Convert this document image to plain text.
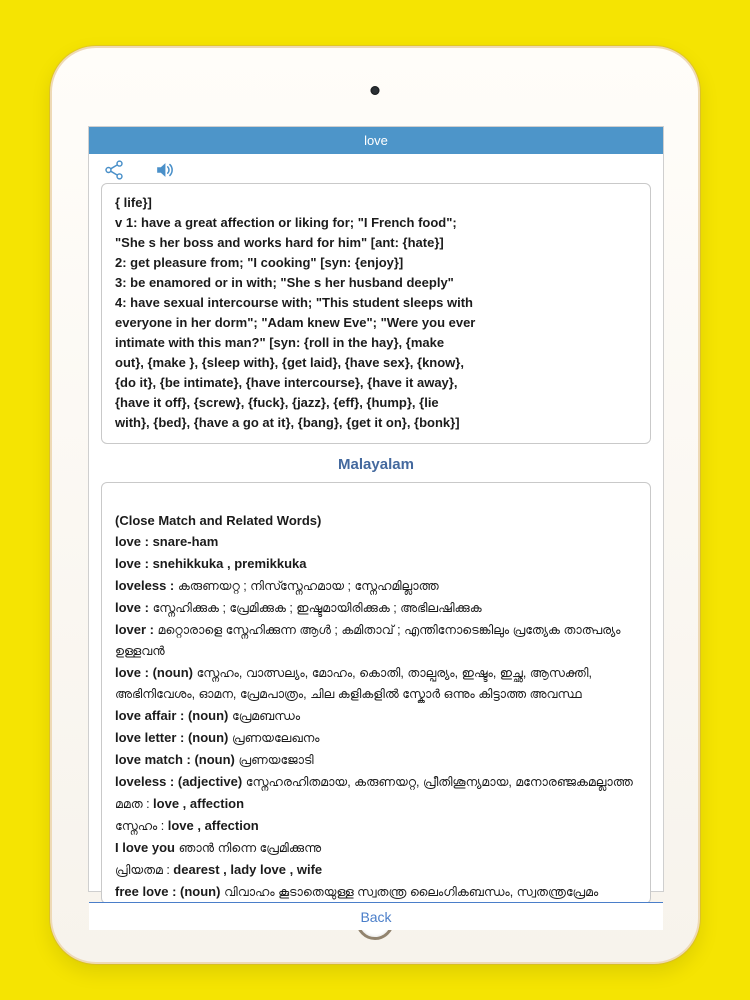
love
{ life}]
v 1: have a great affection or liking for; "I French food";
"She s her boss and works hard for him" [ant: {hate}]
2: get pleasure from; "I cooking" [syn: {enjoy}]
3: be enamored or in with; "She s her husband deeply"
4: have sexual intercourse with; "This student sleeps with
everyone in her dorm"; "Adam knew Eve"; "Were you ever
intimate with this man?" [syn: {roll in the hay}, {make
out}, {make }, {sleep with}, {get laid}, {have sex}, {know},
{do it}, {be intimate}, {have intercourse}, {have it away},
{have it off}, {screw}, {fuck}, {jazz}, {eff}, {hump}, {lie
with}, {bed}, {have a go at it}, {bang}, {get it on}, {bonk}]
Malayalam
(Close Match and Related Words)
love : snare-ham
love : snehikkuka , premikkuka
loveless : കരുണയറ്റ ; നിസ്സ്നേഹമായ ; സ്നേഹമില്ലാത്ത
love : സ്നേഹിക്കുക ; പ്രേമിക്കുക ; ഇഷ്ടമായിരിക്കുക ; അഭിലഷിക്കുക
lover : മറ്റൊരാളെ സ്നേഹിക്കുന്ന ആൾ ; കമിതാവ് ; എന്തിനോടെങ്കിലും പ്രത്യേക താത്പര്യം ഉള്ളവൻ
love : (noun) സ്നേഹം, വാത്സല്യം, മോഹം, കൊതി, താല്പര്യം, ഇഷ്ടം, ഇച്ഛ, ആസക്തി, അഭിനിവേശം, ഓമന, പ്രേമപാത്രം, ചില കളികളിൽ സ്കോർ ഒന്നും കിട്ടാത്ത അവസ്ഥ
love affair : (noun) പ്രേമബന്ധം
love letter : (noun) പ്രണയലേഖനം
love match : (noun) പ്രണയജോടി
loveless : (adjective) സ്നേഹരഹിതമായ, കരുണയറ്റ, പ്രീതിശൂന്യമായ, മനോരഞ്ജകമല്ലാത്ത
മമത : love , affection
സ്നേഹം : love , affection
I love you ഞാൻ നിന്നെ പ്രേമിക്കുന്നു
പ്രിയതമ : dearest , lady love , wife
free love : (noun) വിവാഹം കൂടാതെയുള്ള സ്വതന്ത്ര ലൈംഗികബന്ധം, സ്വതന്ത്രപ്രേമം
Back
